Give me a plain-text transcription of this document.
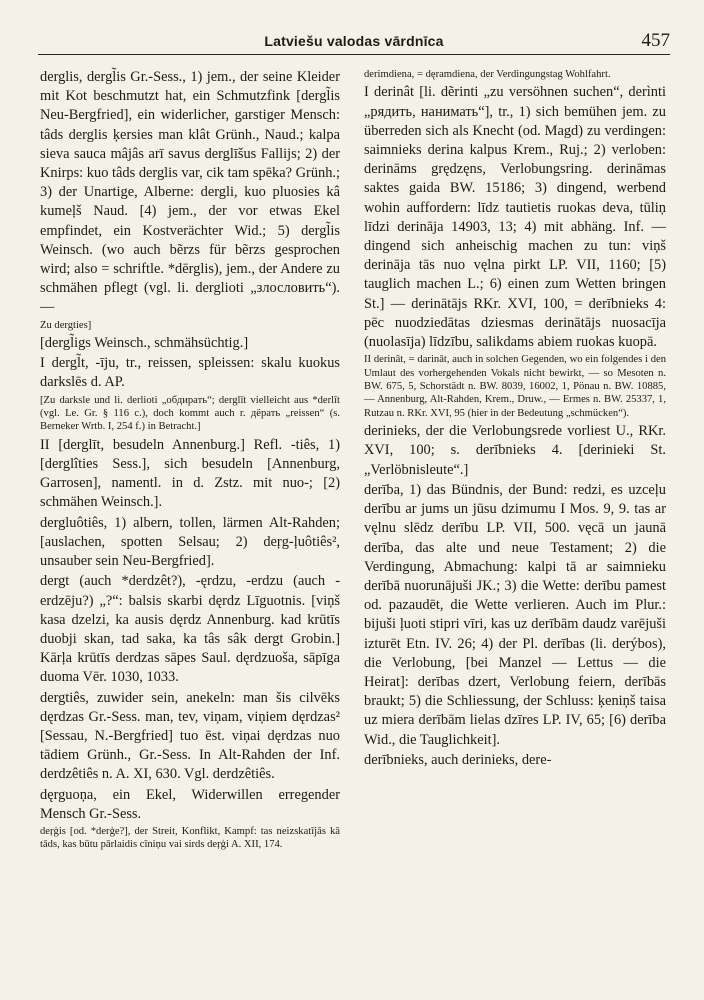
Latviešu valodas vārdnīca	457

derglis, dergl̃is Gr.-Sess., 1) jem., der seine Kleider mit Kot beschmutzt hat, ein Schmutzfink [dergl̃is Neu-Bergfried], ein widerlicher, garstiger Mensch: tâds derglis ķersies man klât Grünh., Naud.; kalpa sieva sauca mâjâs arī savus derglīšus Fallijs; 2) der Knirps: kuo tâds derglis var, cik tam spēka? Grünh.; 3) der Unartige, Alberne: dergli, kuo pluosies kâ kumeļš Naud. [4) jem., der vor etwas Ekel empfindet, ein Kostverächter Wid.; 5) dergl̃is Weinsch. (wo auch bẽrzs für bẽrzs gesprochen wird; also = schriftle. *dērglis), jem., der Andere zu schmähen pflegt (vgl. li. derglioti „злословить“). —

Zu dergties]

[dergl̃igs Weinsch., schmähsüchtig.]

I dergl̃t, -īju, tr., reissen, spleissen: skalu kuokus darkslēs d. AP.

[Zu darksle und li. derlioti „обдирать“; derglīt vielleicht aus *derlīt (vgl. Le. Gr. § 116 c.), doch kommt auch r. дёрать „reissen“ (s. Berneker Wrtb. I, 254 f.) in Betracht.]

II [derglīt, besudeln Annenburg.] Refl. -tiês, 1) [derglîties Sess.], sich besudeln [Annenburg, Garrosen], namentl. in d. Zstz. mit nuo-; [2) schmähen Weinsch.].

dergluôtiês, 1) albern, tollen, lärmen Alt-Rahden; [auslachen, spotten Selsau; 2) deŗg-ļuôtiês², unsauber sein Neu-Bergfried].

dergt (auch *derdzêt?), -ęrdzu, -erdzu (auch -erdzēju?) „?“: balsis skarbi dęrdz Līguotnis. [viņš kasa dzelzi, ka ausis dęrdz Annenburg. kad krūtīs duobji skan, tad saka, ka tâs sâk dergt Grobin.] Kārļa krūtīs derdzas sāpes Saul. dęrdzuoša, sāpīga duoma Vēr. 1030, 1033.

dergtiês, zuwider sein, anekeln: man šis cilvēks dęrdzas Gr.-Sess. man, tev, viņam, viņiem dęrdzas² [Sessau, N.-Bergfried] tuo ēst. viņai dęrdzas nuo tādiem Grünh., Gr.-Sess. In Alt-Rahden der Inf. derdzêtiês n. A. XI, 630. Vgl. derdzêtiês.

dęrguoņa, ein Ekel, Widerwillen erregender Mensch Gr.-Sess.

deŗģis [od. *derģe?], der Streit, Konflikt, Kampf: tas neizskatījās kā tāds, kas būtu pārlaidis cīniņu vai sirds deŗģi A. XII, 174.

derimdiena, = dęramdiena, der Verdingungstag Wohlfahrt.

I derinât [li. dẽrinti „zu versöhnen suchen“, derìnti „рядить, нанимать“], tr., 1) sich bemühen jem. zu überreden sich als Knecht (od. Magd) zu verdingen: saimnieks derina kalpus Krem., Ruj.; 2) verloben: derināms grędzęns, Verlobungsring. derināmas saktes gaida BW. 15186; 3) dingend, werbend wohin auffordern: līdz tautietis ruokas deva, tūliņ līdzi derināja 14903, 13; 4) mit abhäng. Inf. — dingend sich anheischig machen zu tun: viņš derināja tās nuo vęlna pirkt LP. VII, 1160; [5) tauglich machen L.; 6) einen zum Wetten bringen St.] — derinātājs RKr. XVI, 100, = derībnieks 4: pēc nuodziedātas dziesmas derinātājs nuosacīja (nuolasīja) līdzību, salikdams abiem ruokas kuopā.

II derinât, = darināt, auch in solchen Gegenden, wo ein folgendes i den Umlaut des vorhergehenden Vokals nicht bewirkt, — so Mesoten n. BW. 675, 5, Schorstädt n. BW. 8039, 16002, 1, Pönau n. BW. 10885, — Annenburg, Alt-Rahden, Krem., Druw., — Ermes n. BW. 25337, 1, Rutzau n. RKr. XVI, 95 (hier in der Bedeutung „schmücken“).

derinieks, der die Verlobungsrede vorliest U., RKr. XVI, 100; s. derībnieks 4. [derinieki St. „Verlöbnisleute“.]

derība, 1) das Bündnis, der Bund: redzi, es uzceļu derību ar jums un jūsu dzimumu I Mos. 9, 9. tas ar vęlnu slēdz derību LP. VII, 500. vęcā un jaunā derība, das alte und neue Testament; 2) die Verdingung, Abmachung: kalpi tā ar saimnieku derībā nuorunājuši JK.; 3) die Wette: derību pamest od. pazaudēt, die Wette verlieren. Auch im Plur.: bijuši ļuoti stipri vīri, kas uz derībām daudz varējuši izturēt Etn. IV. 26; 4) der Pl. derības (li. derýbos), die Verlobung, [bei Manzel — Lettus — die Heirat]: derības dzert, Verlobung feiern, derībās braukt; 5) die Schliessung, der Schluss: ķeniņš taisa uz miera derībām lielas dzīres LP. IV, 65; [6) derība Wid., die Tauglichkeit].

derībnieks, auch derinieks, dere-
